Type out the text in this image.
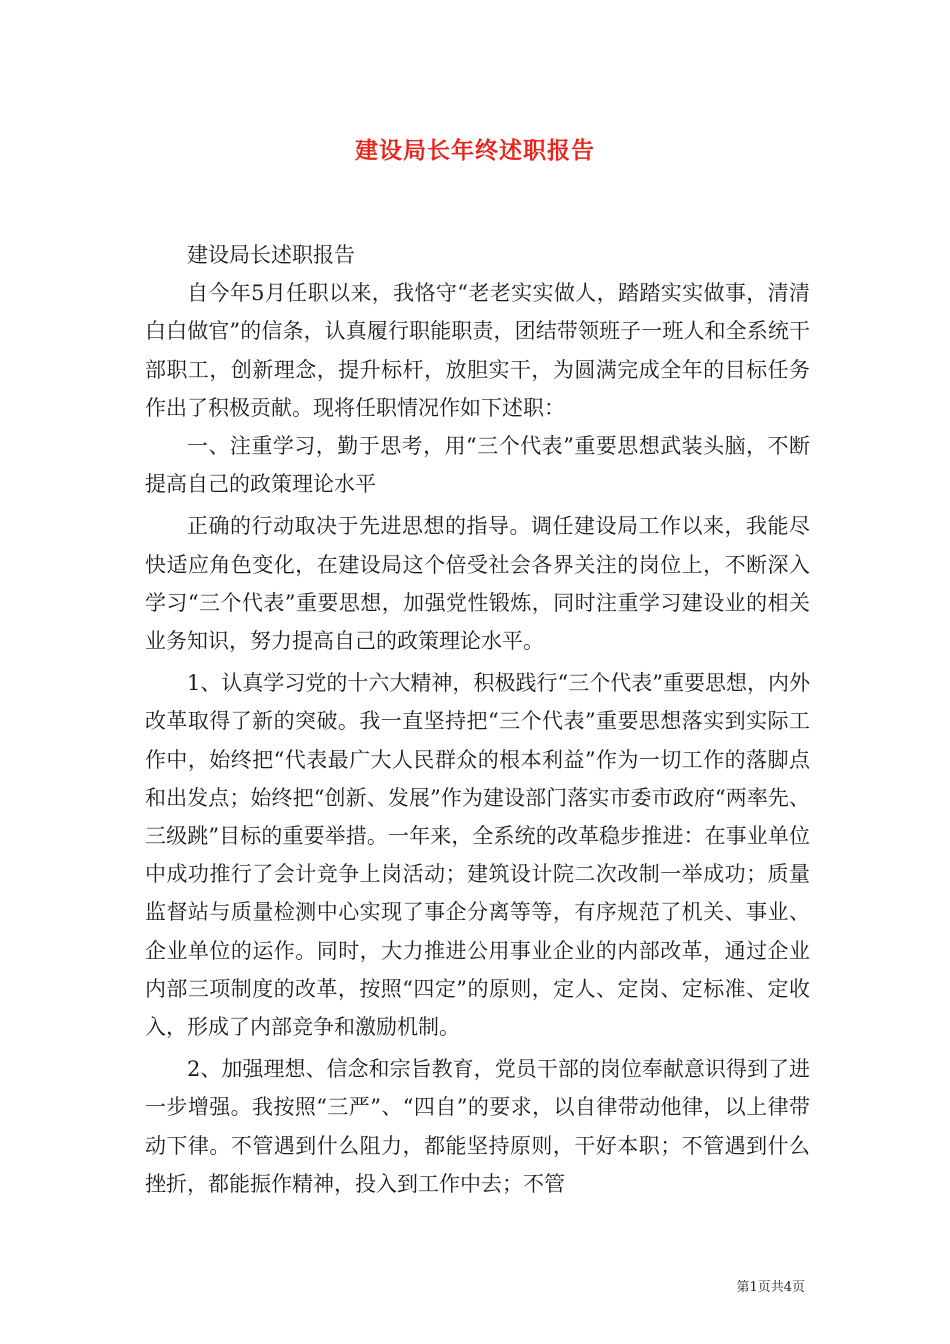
建设局长年终述职报告

建设局长述职报告

自今年5月任职以来，我恪守“老老实实做人，踏踏实实做事，清清白白做官”的信条，认真履行职能职责，团结带领班子一班人和全系统干部职工，创新理念，提升标杆，放胆实干，为圆满完成全年的目标任务作出了积极贡献。现将任职情况作如下述职：

一、注重学习，勤于思考，用“三个代表”重要思想武装头脑，不断提高自己的政策理论水平

正确的行动取决于先进思想的指导。调任建设局工作以来，我能尽快适应角色变化，在建设局这个倍受社会各界关注的岗位上，不断深入学习“三个代表”重要思想，加强党性锻炼，同时注重学习建设业的相关业务知识，努力提高自己的政策理论水平。

1、认真学习党的十六大精神，积极践行“三个代表”重要思想，内外改革取得了新的突破。我一直坚持把“三个代表”重要思想落实到实际工作中，始终把“代表最广大人民群众的根本利益”作为一切工作的落脚点和出发点；始终把“创新、发展”作为建设部门落实市委市政府“两率先、三级跳”目标的重要举措。一年来，全系统的改革稳步推进：在事业单位中成功推行了会计竞争上岗活动；建筑设计院二次改制一举成功；质量监督站与质量检测中心实现了事企分离等等，有序规范了机关、事业、企业单位的运作。同时，大力推进公用事业企业的内部改革，通过企业内部三项制度的改革，按照“四定”的原则，定人、定岗、定标准、定收入，形成了内部竞争和激励机制。

2、加强理想、信念和宗旨教育，党员干部的岗位奉献意识得到了进一步增强。我按照“三严”、“四自”的要求，以自律带动他律，以上律带动下律。不管遇到什么阻力，都能坚持原则，干好本职；不管遇到什么挫折，都能振作精神，投入到工作中去；不管

第1页共4页
